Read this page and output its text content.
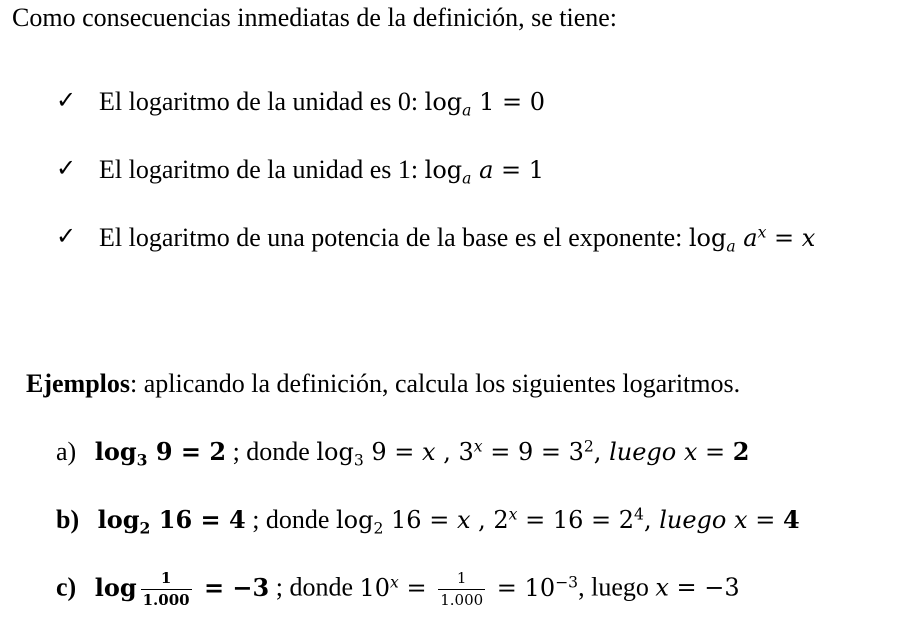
Como consecuencias inmediatas de la definición, se tiene:
✓ El logaritmo de la unidad es 0: $\log_a 1 = 0$
✓ El logaritmo de la unidad es 1: $\log_a a = 1$
✓ El logaritmo de una potencia de la base es el exponente: $\log_a a^x = x$
Ejemplos: aplicando la definición, calcula los siguientes logaritmos.
a) $\log_3 9 = 2$ ; donde $\log_3 9 = x$ , $3^x = 9 = 3^2$, luego x = 2
b) $\log_2 16 = 4$ ; donde $\log_2 16 = x$ , $2^x = 16 = 2^4$, luego x = 4
c) $\log \frac{1}{1.000} = -3$ ; donde $10^x = \frac{1}{1.000} = 10^{-3}$, luego x = −3
